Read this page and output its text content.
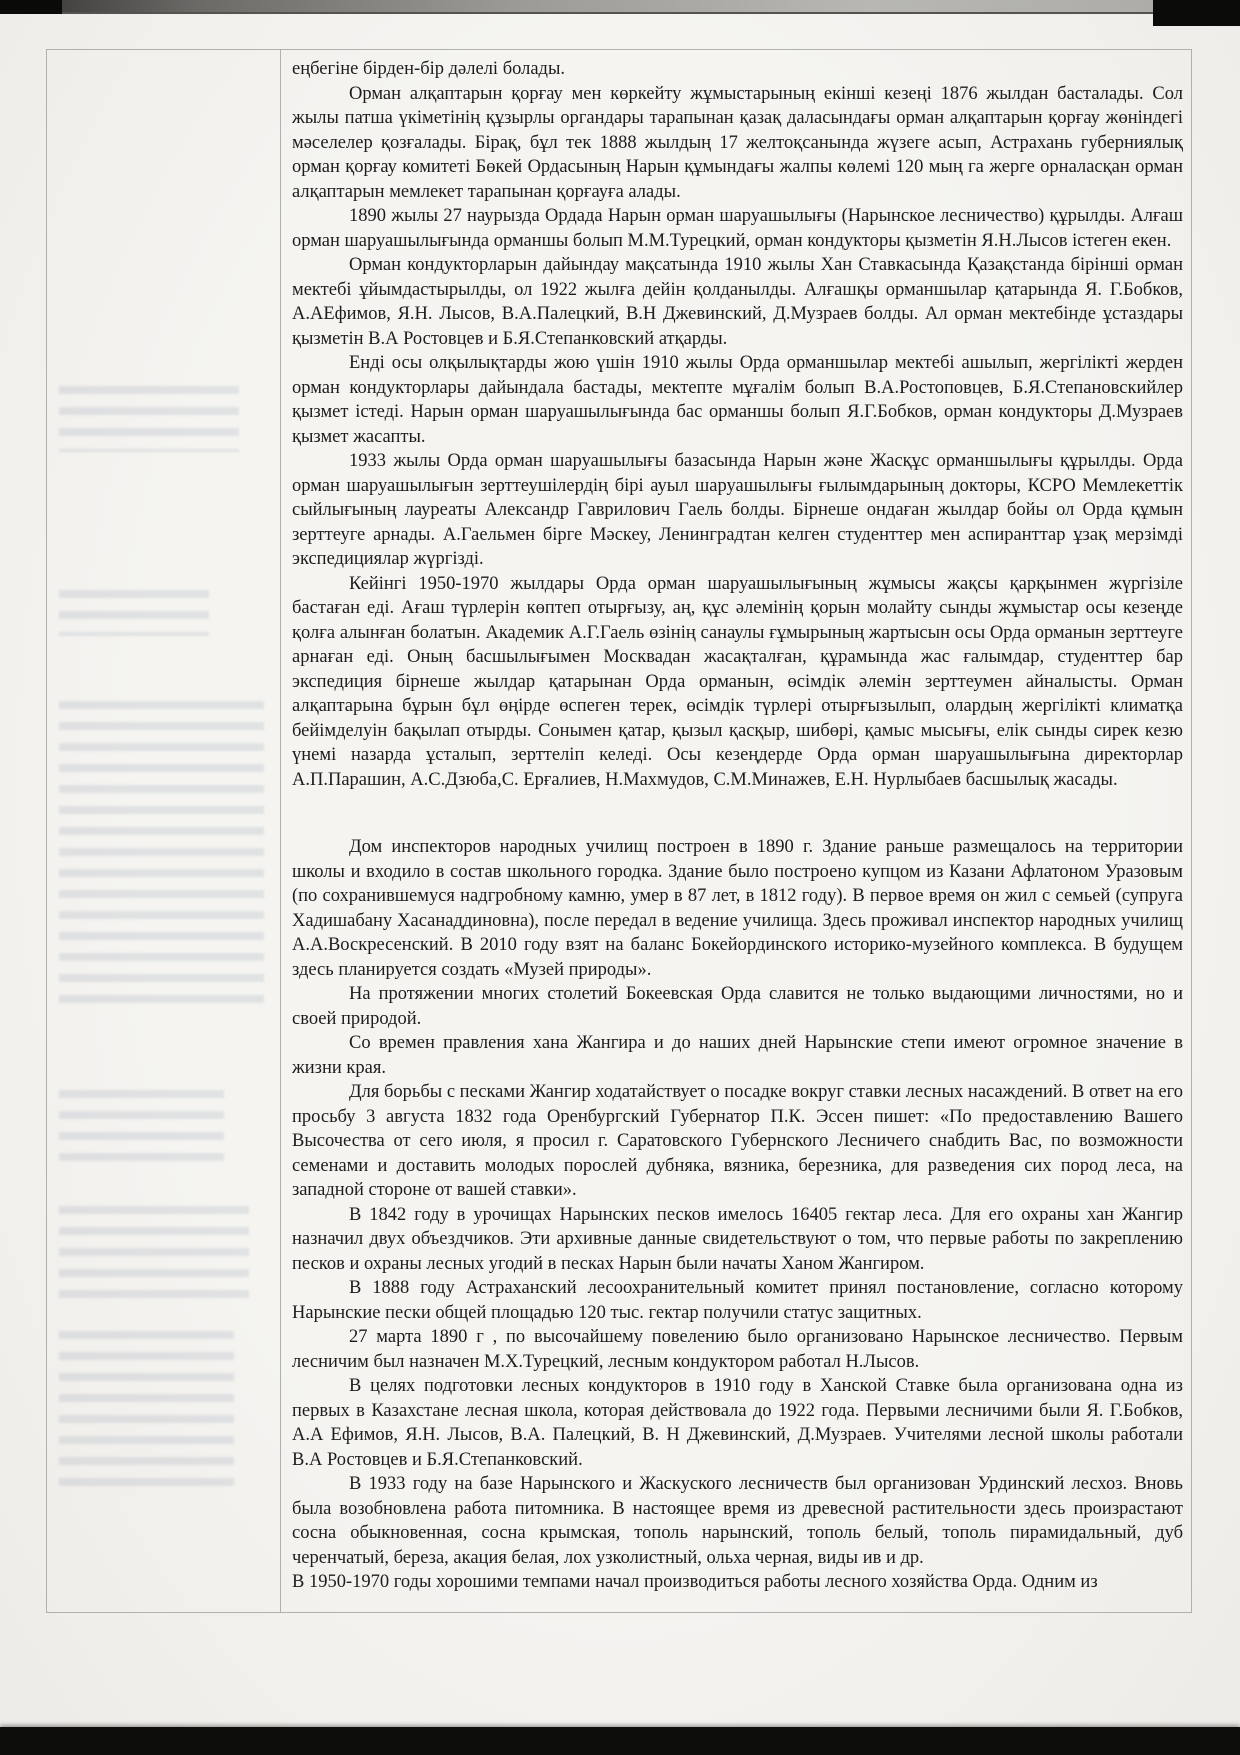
еңбегіне бірден-бір дәлелі болады.

Орман алқаптарын қорғау мен көркейту жұмыстарының екінші кезеңі 1876 жылдан басталады. Сол жылы патша үкіметінің құзырлы органдары тарапынан қазақ даласындағы орман алқаптарын қорғау жөніндегі мәселелер қозғалады. Бірақ, бұл тек 1888 жылдың 17 желтоқсанында жүзеге асып, Астрахань губерниялық орман қорғау комитеті Бөкей Ордасының Нарын құмындағы жалпы көлемі 120 мың га жерге орналасқан орман алқаптарын мемлекет тарапынан қорғауға алады.

1890 жылы 27 наурызда Ордада Нарын орман шаруашылығы (Нарынское лесничество) құрылды. Алғаш орман шаруашылығында орманшы болып М.М.Турецкий, орман кондукторы қызметін Я.Н.Лысов істеген екен.

Орман кондукторларын дайындау мақсатында 1910 жылы Хан Ставкасында Қазақстанда бірінші орман мектебі ұйымдастырылды, ол 1922 жылға дейін қолданылды. Алғашқы орманшылар қатарында Я. Г.Бобков, А.АЕфимов, Я.Н. Лысов, В.А.Палецкий, В.Н Джевинский, Д.Музраев болды. Ал орман мектебінде ұстаздары қызметін В.А Ростовцев и Б.Я.Степанковский атқарды.

Енді осы олқылықтарды жою үшін 1910 жылы Орда орманшылар мектебі ашылып, жергілікті жерден орман кондукторлары дайындала бастады, мектепте мұғалім болып В.А.Ростоповцев, Б.Я.Степановскийлер қызмет істеді. Нарын орман шаруашылығында бас орманшы болып Я.Г.Бобков, орман кондукторы Д.Музраев қызмет жасапты.

1933 жылы Орда орман шаруашылығы базасында Нарын және Жасқұс орманшылығы құрылды. Орда орман шаруашылығын зерттеушілердің бірі ауыл шаруашылығы ғылымдарының докторы, КСРО Мемлекеттік сыйлығының лауреаты Александр Гаврилович Гаель болды. Бірнеше ондаған жылдар бойы ол Орда құмын зерттеуге арнады. А.Гаельмен бірге Мәскеу, Ленинградтан келген студенттер мен аспиранттар ұзақ мерзімді экспедициялар жүргізді.

Кейінгі 1950-1970 жылдары Орда орман шаруашылығының жұмысы жақсы қарқынмен жүргізіле бастаған еді. Ағаш түрлерін көптеп отырғызу, аң, құс әлемінің қорын молайту сынды жұмыстар осы кезеңде қолға алынған болатын. Академик А.Г.Гаель өзінің санаулы ғұмырының жартысын осы Орда орманын зерттеуге арнаған еді. Оның басшылығымен Москвадан жасақталған, құрамында жас ғалымдар, студенттер бар экспедиция бірнеше жылдар қатарынан Орда орманын, өсімдік әлемін зерттеумен айналысты. Орман алқаптарына бұрын бұл өңірде өспеген терек, өсімдік түрлері отырғызылып, олардың жергілікті климатқа бейімделуін бақылап отырды. Сонымен қатар, қызыл қасқыр, шибөрі, қамыс мысығы, елік сынды сирек кезю үнемі назарда ұсталып, зерттеліп келеді. Осы кезеңдерде Орда орман шаруашылығына директорлар А.П.Парашин, А.С.Дзюба,С. Ерғалиев, Н.Махмудов, С.М.Минажев, Е.Н. Нурлыбаев басшылық жасады.

Дом инспекторов народных училищ построен в 1890 г. Здание раньше размещалось на территории школы и входило в состав школьного городка. Здание было построено купцом из Казани Афлатоном Уразовым (по сохранившемуся надгробному камню, умер в 87 лет, в 1812 году). В первое время он жил с семьей (супруга Хадишабану Хасанаддиновна), после передал в ведение училища. Здесь проживал инспектор народных училищ А.А.Воскресенский. В 2010 году взят на баланс Бокейординского историко-музейного комплекса. В будущем здесь планируется создать «Музей природы».

На протяжении многих столетий Бокеевская Орда славится не только выдающими личностями, но и своей природой.

Со времен правления хана Жангира и до наших дней Нарынские степи имеют огромное значение в жизни края.

Для борьбы с песками Жангир ходатайствует о посадке вокруг ставки лесных насаждений. В ответ на его просьбу 3 августа 1832 года Оренбургский Губернатор П.К. Эссен пишет: «По предоставлению Вашего Высочества от сего июля, я просил г. Саратовского Губернского Лесничего снабдить Вас, по возможности семенами и доставить молодых порослей дубняка, вязника, березника, для разведения сих пород леса, на западной стороне от вашей ставки».

В 1842 году в урочищах Нарынских песков имелось 16405 гектар леса. Для его охраны хан Жангир назначил двух объездчиков. Эти архивные данные свидетельствуют о том, что первые работы по закреплению песков и охраны лесных угодий в песках Нарын были начаты Ханом Жангиром.

В 1888 году Астраханский лесоохранительный комитет принял постановление, согласно которому Нарынские пески общей площадью 120 тыс. гектар получили статус защитных.

27 марта 1890 г , по высочайшему повелению было организовано Нарынское лесничество. Первым лесничим был назначен М.Х.Турецкий, лесным кондуктором работал Н.Лысов.

В целях подготовки лесных кондукторов в 1910 году в Ханской Ставке была организована одна из первых в Казахстане лесная школа, которая действовала до 1922 года. Первыми лесничими были Я. Г.Бобков, А.А Ефимов, Я.Н. Лысов, В.А. Палецкий, В. Н Джевинский, Д.Музраев. Учителями лесной школы работали В.А Ростовцев и Б.Я.Степанковский.

В 1933 году на базе Нарынского и Жаскуского лесничеств был организован Урдинский лесхоз. Вновь была возобновлена работа питомника. В настоящее время из древесной растительности здесь произрастают сосна обыкновенная, сосна крымская, тополь нарынский, тополь белый, тополь пирамидальный, дуб черенчатый, береза, акация белая, лох узколистный, ольха черная, виды ив и др.

В 1950-1970 годы хорошими темпами начал производиться работы лесного хозяйства Орда. Одним из
